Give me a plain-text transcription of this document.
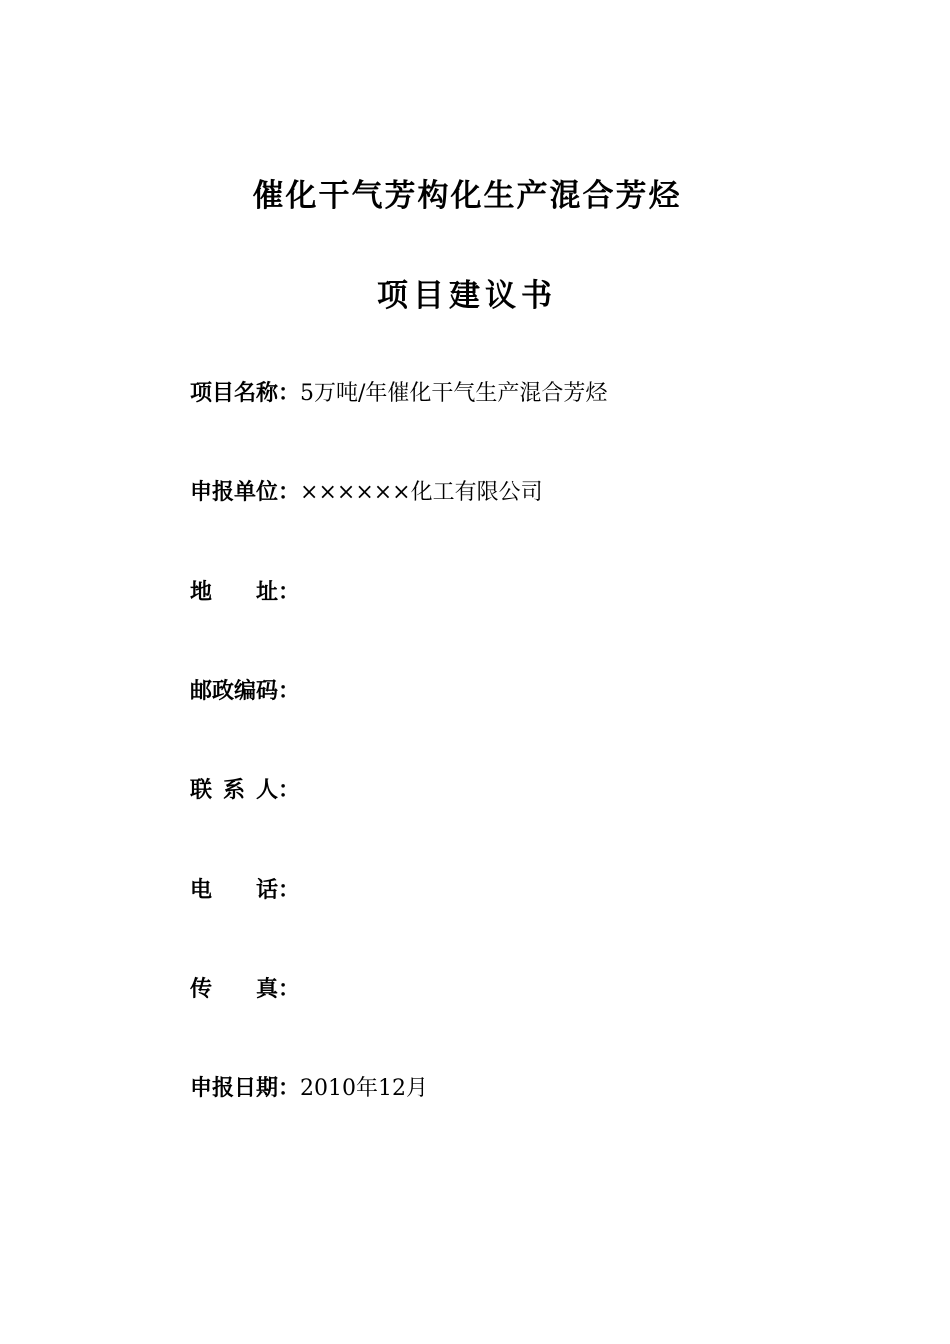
催化干气芳构化生产混合芳烃
项目建议书
项目名称： 5万吨/年催化干气生产混合芳烃
申报单位： ××××××化工有限公司
地 址：
邮政编码：
联 系 人：
电 话：
传 真：
申报日期： 2010年12月
